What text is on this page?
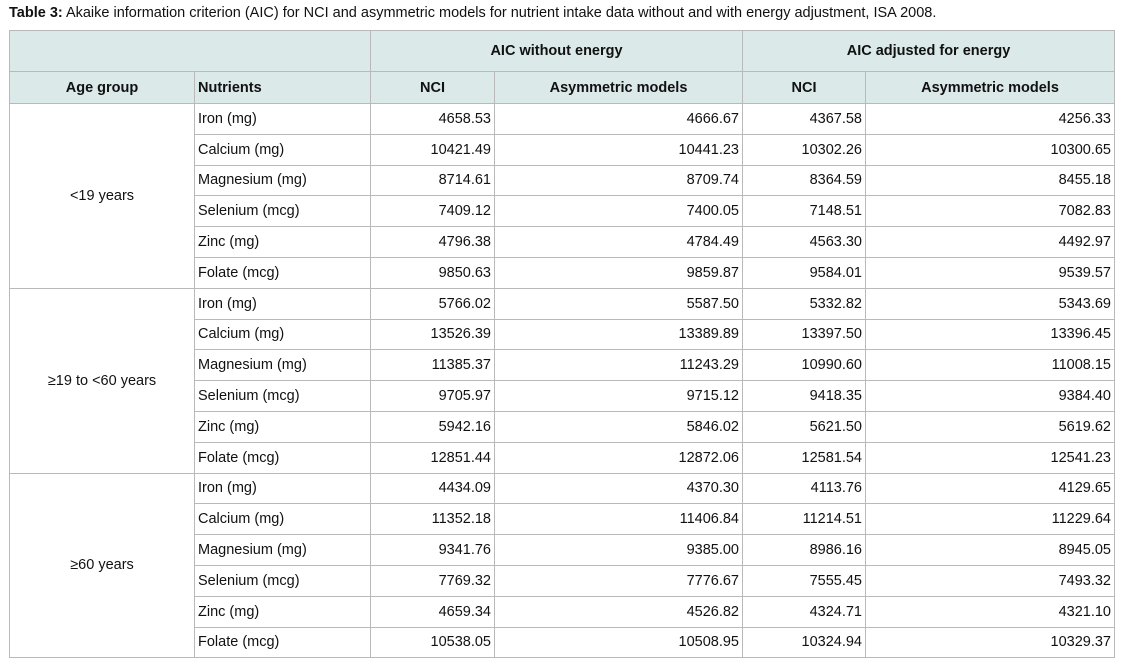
Table 3: Akaike information criterion (AIC) for NCI and asymmetric models for nutrient intake data without and with energy adjustment, ISA 2008.
		AIC without energy		AIC adjusted for energy	
Age group	Nutrients	NCI	Asymmetric models	NCI	Asymmetric models
<19 years	Iron (mg)	4658.53	4666.67	4367.58	4256.33
	Calcium (mg)	10421.49	10441.23	10302.26	10300.65
	Magnesium (mg)	8714.61	8709.74	8364.59	8455.18
	Selenium (mcg)	7409.12	7400.05	7148.51	7082.83
	Zinc (mg)	4796.38	4784.49	4563.30	4492.97
	Folate (mcg)	9850.63	9859.87	9584.01	9539.57
≥19 to <60 years	Iron (mg)	5766.02	5587.50	5332.82	5343.69
	Calcium (mg)	13526.39	13389.89	13397.50	13396.45
	Magnesium (mg)	11385.37	11243.29	10990.60	11008.15
	Selenium (mcg)	9705.97	9715.12	9418.35	9384.40
	Zinc (mg)	5942.16	5846.02	5621.50	5619.62
	Folate (mcg)	12851.44	12872.06	12581.54	12541.23
≥60 years	Iron (mg)	4434.09	4370.30	4113.76	4129.65
	Calcium (mg)	11352.18	11406.84	11214.51	11229.64
	Magnesium (mg)	9341.76	9385.00	8986.16	8945.05
	Selenium (mcg)	7769.32	7776.67	7555.45	7493.32
	Zinc (mg)	4659.34	4526.82	4324.71	4321.10
	Folate (mcg)	10538.05	10508.95	10324.94	10329.37
